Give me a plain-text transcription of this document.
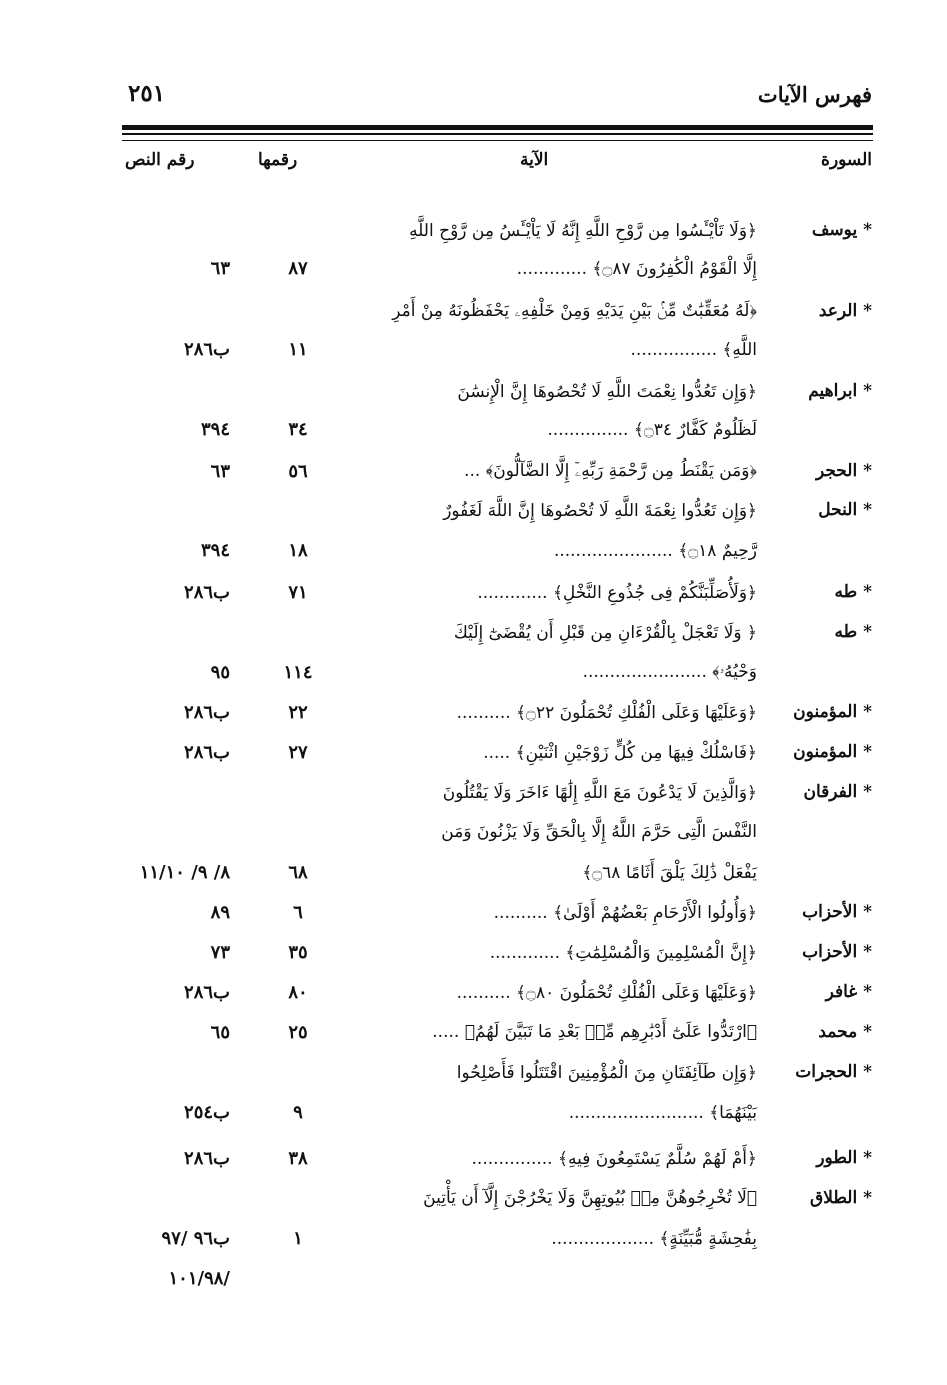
فهرس الآيات
٢٥١
السورة
الآية
رقمها
رقم النص
* يوسف
﴿وَلَا تَاْيْـَٔسُوا مِن رَّوْحِ اللَّهِ إِنَّهُ لَا يَاْيْـَٔسُ مِن رَّوْحِ اللَّهِ
إِلَّا الْقَوْمُ الْكَٰفِرُونَ ۝٨٧﴾ .............
٨٧
٦٣
* الرعد
﴿لَهُ مُعَقِّبَٰتٌ مِّنۢ بَيْنِ يَدَيْهِ وَمِنْ خَلْفِهِۦ يَحْفَظُونَهُ مِنْ أَمْرِ
اللَّهِ﴾ ................
١١
ب٢٨٦
* ابراهيم
﴿وَإِن تَعُدُّوا نِعْمَتَ اللَّهِ لَا تُحْصُوهَا إِنَّ الْإِنسَٰنَ
لَظَلُومٌ كَفَّارٌ ۝٣٤﴾ ...............
٣٤
٣٩٤
* الحجر
﴿وَمَن يَقْنَطُ مِن رَّحْمَةِ رَبِّهِۦٓ إِلَّا الضَّآلُّونَ﴾ ...
٥٦
٦٣
* النحل
﴿وَإِن تَعُدُّوا نِعْمَةَ اللَّهِ لَا تُحْصُوهَا إِنَّ اللَّهَ لَغَفُورٌ
رَّحِيمٌ ۝١٨﴾ ......................
١٨
٣٩٤
* طه
﴿وَلَأُصَلِّبَنَّكُمْ فِى جُذُوعِ النَّخْلِ﴾ .............
٧١
ب٢٨٦
* طه
﴿ وَلَا تَعْجَلْ بِالْقُرْءَانِ مِن قَبْلِ أَن يُقْضَىٰٓ إِلَيْكَ
وَحْيُهُۥ﴾ .......................
١١٤
٩٥
* المؤمنون
﴿وَعَلَيْهَا وَعَلَى الْفُلْكِ تُحْمَلُونَ ۝٢٢﴾ ..........
٢٢
ب٢٨٦
* المؤمنون
﴿فَاسْلُكْ فِيهَا مِن كُلٍّ زَوْجَيْنِ اثْنَيْنِ﴾ .....
٢٧
ب٢٨٦
* الفرقان
﴿وَالَّذِينَ لَا يَدْعُونَ مَعَ اللَّهِ إِلَٰهًا ءَاخَرَ وَلَا يَقْتُلُونَ
النَّفْسَ الَّتِى حَرَّمَ اللَّهُ إِلَّا بِالْحَقِّ وَلَا يَزْنُونَ وَمَن
يَفْعَلْ ذَٰلِكَ يَلْقَ أَثَامًا ۝٦٨﴾
٦٨
٨/ ٩/ ١١/١٠
* الأحزاب
﴿وَأُولُوا الْأَرْحَامِ بَعْضُهُمْ أَوْلَىٰ﴾ ..........
٦
٨٩
* الأحزاب
﴿إِنَّ الْمُسْلِمِينَ وَالْمُسْلِمَٰتِ﴾ .............
٣٥
٧٣
* غافر
﴿وَعَلَيْهَا وَعَلَى الْفُلْكِ تُحْمَلُونَ ۝٨٠﴾ ..........
٨٠
ب٢٨٦
* محمد
﴿ارْتَدُّوا عَلَىٰٓ أَدْبَٰرِهِم مِّنۢ بَعْدِ مَا تَبَيَّنَ لَهُمُ﴾ .....
٢٥
٦٥
* الحجرات
﴿وَإِن طَآئِفَتَانِ مِنَ الْمُؤْمِنِينَ اقْتَتَلُوا فَأَصْلِحُوا
بَيْنَهُمَا﴾ .........................
٩
ب٢٥٤
* الطور
﴿أَمْ لَهُمْ سُلَّمٌ يَسْتَمِعُونَ فِيهِ﴾ ...............
٣٨
ب٢٨٦
* الطلاق
﴿لَا تُخْرِجُوهُنَّ مِنۢ بُيُوتِهِنَّ وَلَا يَخْرُجْنَ إِلَّآ أَن يَأْتِينَ
بِفَٰحِشَةٍ مُّبَيِّنَةٍ﴾ ...................
١
ب٩٦ /٩٧
/١٠١/٩٨
